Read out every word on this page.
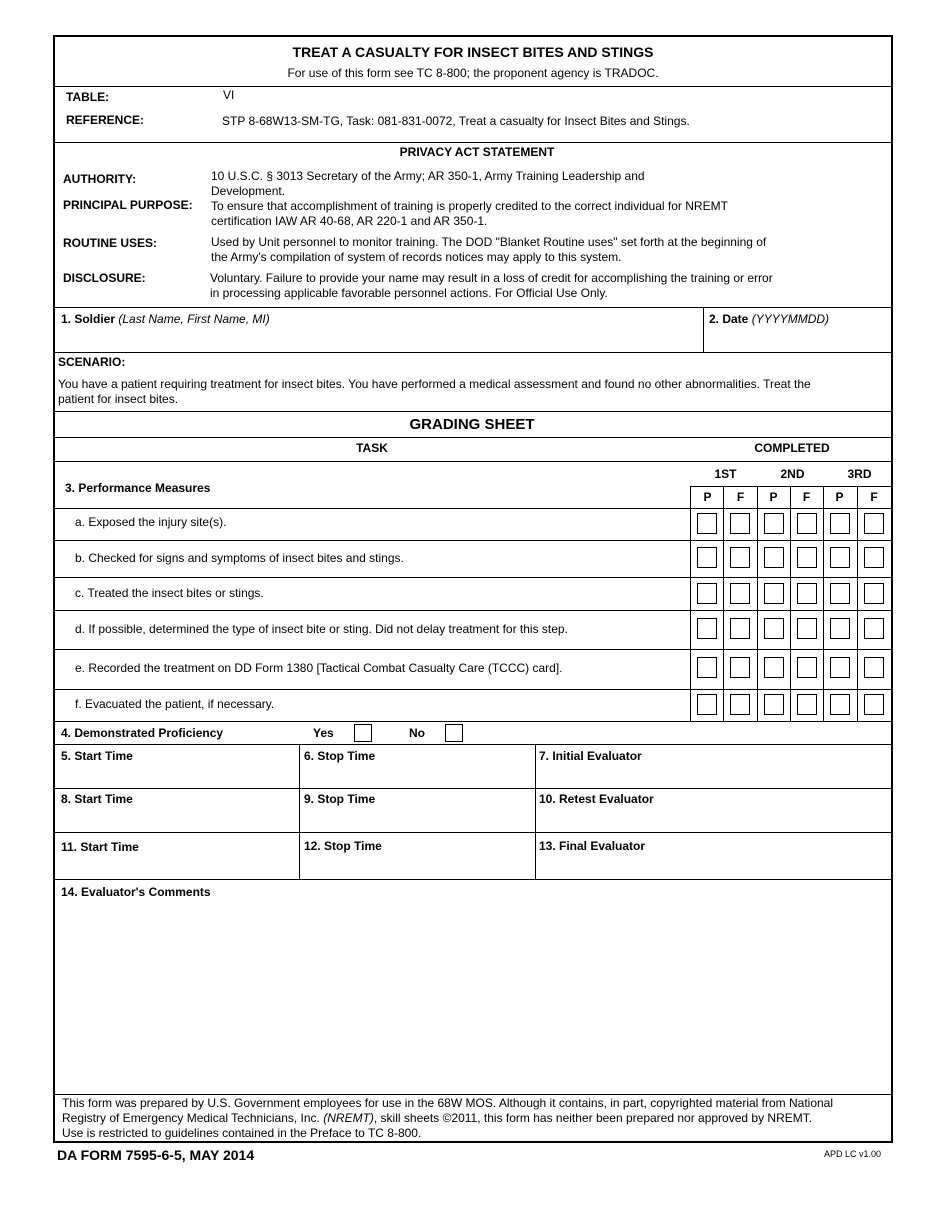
TREAT A CASUALTY FOR INSECT BITES AND STINGS
For use of this form see TC 8-800; the proponent agency is TRADOC.
TABLE:	VI
REFERENCE:	STP 8-68W13-SM-TG, Task: 081-831-0072, Treat a casualty for Insect Bites and Stings.
PRIVACY ACT STATEMENT
AUTHORITY:	10 U.S.C. § 3013 Secretary of the Army; AR 350-1, Army Training Leadership and
Development.
PRINCIPAL PURPOSE: To ensure that accomplishment of training is properly credited to the correct individual for NREMT
certification IAW AR 40-68, AR 220-1 and AR 350-1.
ROUTINE USES:	Used by Unit personnel to monitor training. The DOD "Blanket Routine uses" set forth at the beginning of
the Army's compilation of system of records notices may apply to this system.
DISCLOSURE:	Voluntary. Failure to provide your name may result in a loss of credit for accomplishing the training or error
in processing applicable favorable personnel actions. For Official Use Only.
1. Soldier (Last Name, First Name, MI)	2. Date (YYYYMMDD)
SCENARIO:
You have a patient requiring treatment for insect bites. You have performed a medical assessment and found no other abnormalities. Treat the
patient for insect bites.
GRADING SHEET
TASK	COMPLETED
1ST	2ND	3RD
3. Performance Measures
P	F	P	F	P	F
a. Exposed the injury site(s).
b. Checked for signs and symptoms of insect bites and stings.
c. Treated the insect bites or stings.
d. If possible, determined the type of insect bite or sting. Did not delay treatment for this step.
e. Recorded the treatment on DD Form 1380 [Tactical Combat Casualty Care (TCCC) card].
f. Evacuated the patient, if necessary.
4. Demonstrated Proficiency	Yes	No
5. Start Time	6. Stop Time	7. Initial Evaluator
8. Start Time	9. Stop Time	10. Retest Evaluator
11. Start Time	12. Stop Time	13. Final Evaluator
14. Evaluator's Comments
This form was prepared by U.S. Government employees for use in the 68W MOS. Although it contains, in part, copyrighted material from National
Registry of Emergency Medical Technicians, Inc. (NREMT), skill sheets ©2011, this form has neither been prepared nor approved by NREMT.
Use is restricted to guidelines contained in the Preface to TC 8-800.
DA FORM 7595-6-5, MAY 2014	APD LC v1.00
